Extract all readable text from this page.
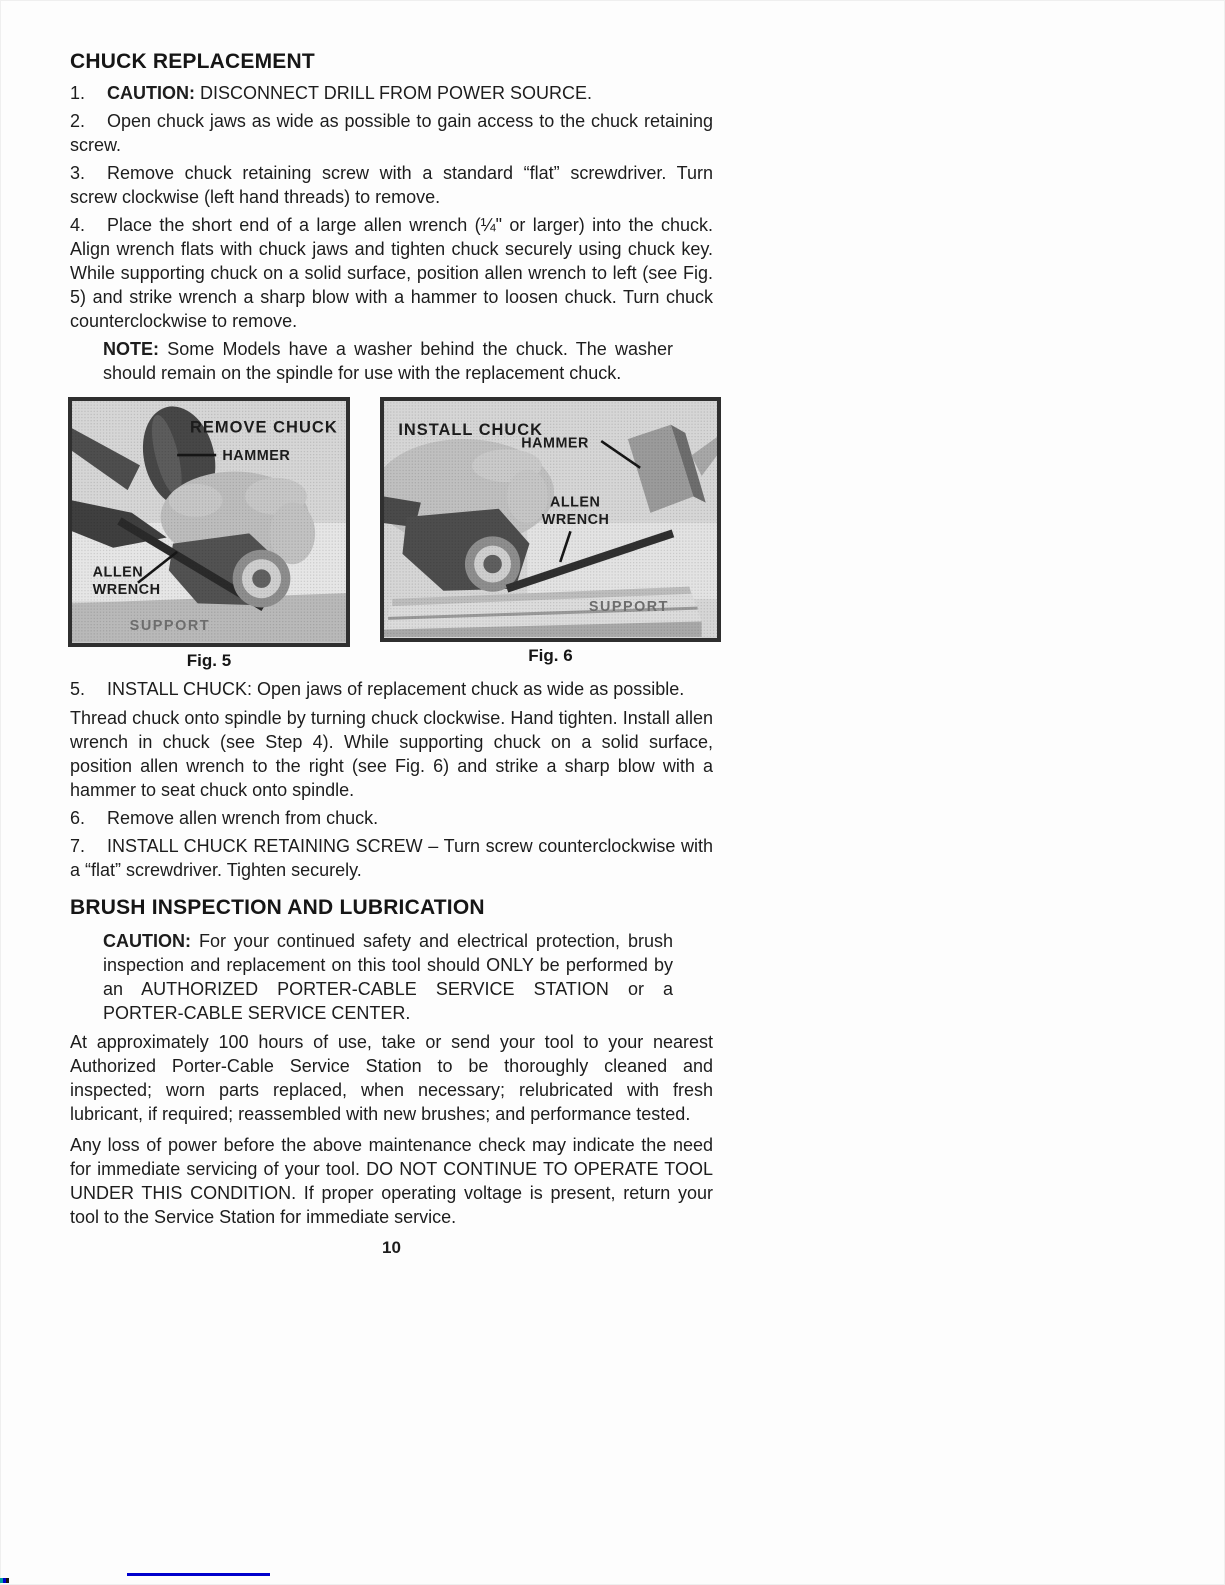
CHUCK REPLACEMENT

1. CAUTION: DISCONNECT DRILL FROM POWER SOURCE.

2. Open chuck jaws as wide as possible to gain access to the chuck retaining screw.

3. Remove chuck retaining screw with a standard “flat” screwdriver. Turn screw clockwise (left hand threads) to remove.

4. Place the short end of a large allen wrench (¼" or larger) into the chuck. Align wrench flats with chuck jaws and tighten chuck securely using chuck key. While supporting chuck on a solid surface, position allen wrench to left (see Fig. 5) and strike wrench a sharp blow with a hammer to loosen chuck. Turn chuck counterclockwise to remove.

NOTE: Some Models have a washer behind the chuck. The washer should remain on the spindle for use with the replacement chuck.

REMOVE CHUCK
HAMMER
ALLEN
WRENCH
SUPPORT
Fig. 5
INSTALL CHUCK
HAMMER
ALLEN
WRENCH
SUPPORT
Fig. 6

5. INSTALL CHUCK: Open jaws of replacement chuck as wide as possible.

Thread chuck onto spindle by turning chuck clockwise. Hand tighten. Install allen wrench in chuck (see Step 4). While supporting chuck on a solid surface, position allen wrench to the right (see Fig. 6) and strike a sharp blow with a hammer to seat chuck onto spindle.

6. Remove allen wrench from chuck.

7. INSTALL CHUCK RETAINING SCREW – Turn screw counterclockwise with a “flat” screwdriver. Tighten securely.

BRUSH INSPECTION AND LUBRICATION

CAUTION: For your continued safety and electrical protection, brush inspection and replacement on this tool should ONLY be performed by an AUTHORIZED PORTER-CABLE SERVICE STATION or a PORTER-CABLE SERVICE CENTER.

At approximately 100 hours of use, take or send your tool to your nearest Authorized Porter-Cable Service Station to be thoroughly cleaned and inspected; worn parts replaced, when necessary; relubricated with fresh lubricant, if required; reassembled with new brushes; and performance tested.

Any loss of power before the above maintenance check may indicate the need for immediate servicing of your tool. DO NOT CONTINUE TO OPERATE TOOL UNDER THIS CONDITION. If proper operating voltage is present, return your tool to the Service Station for immediate service.

10
